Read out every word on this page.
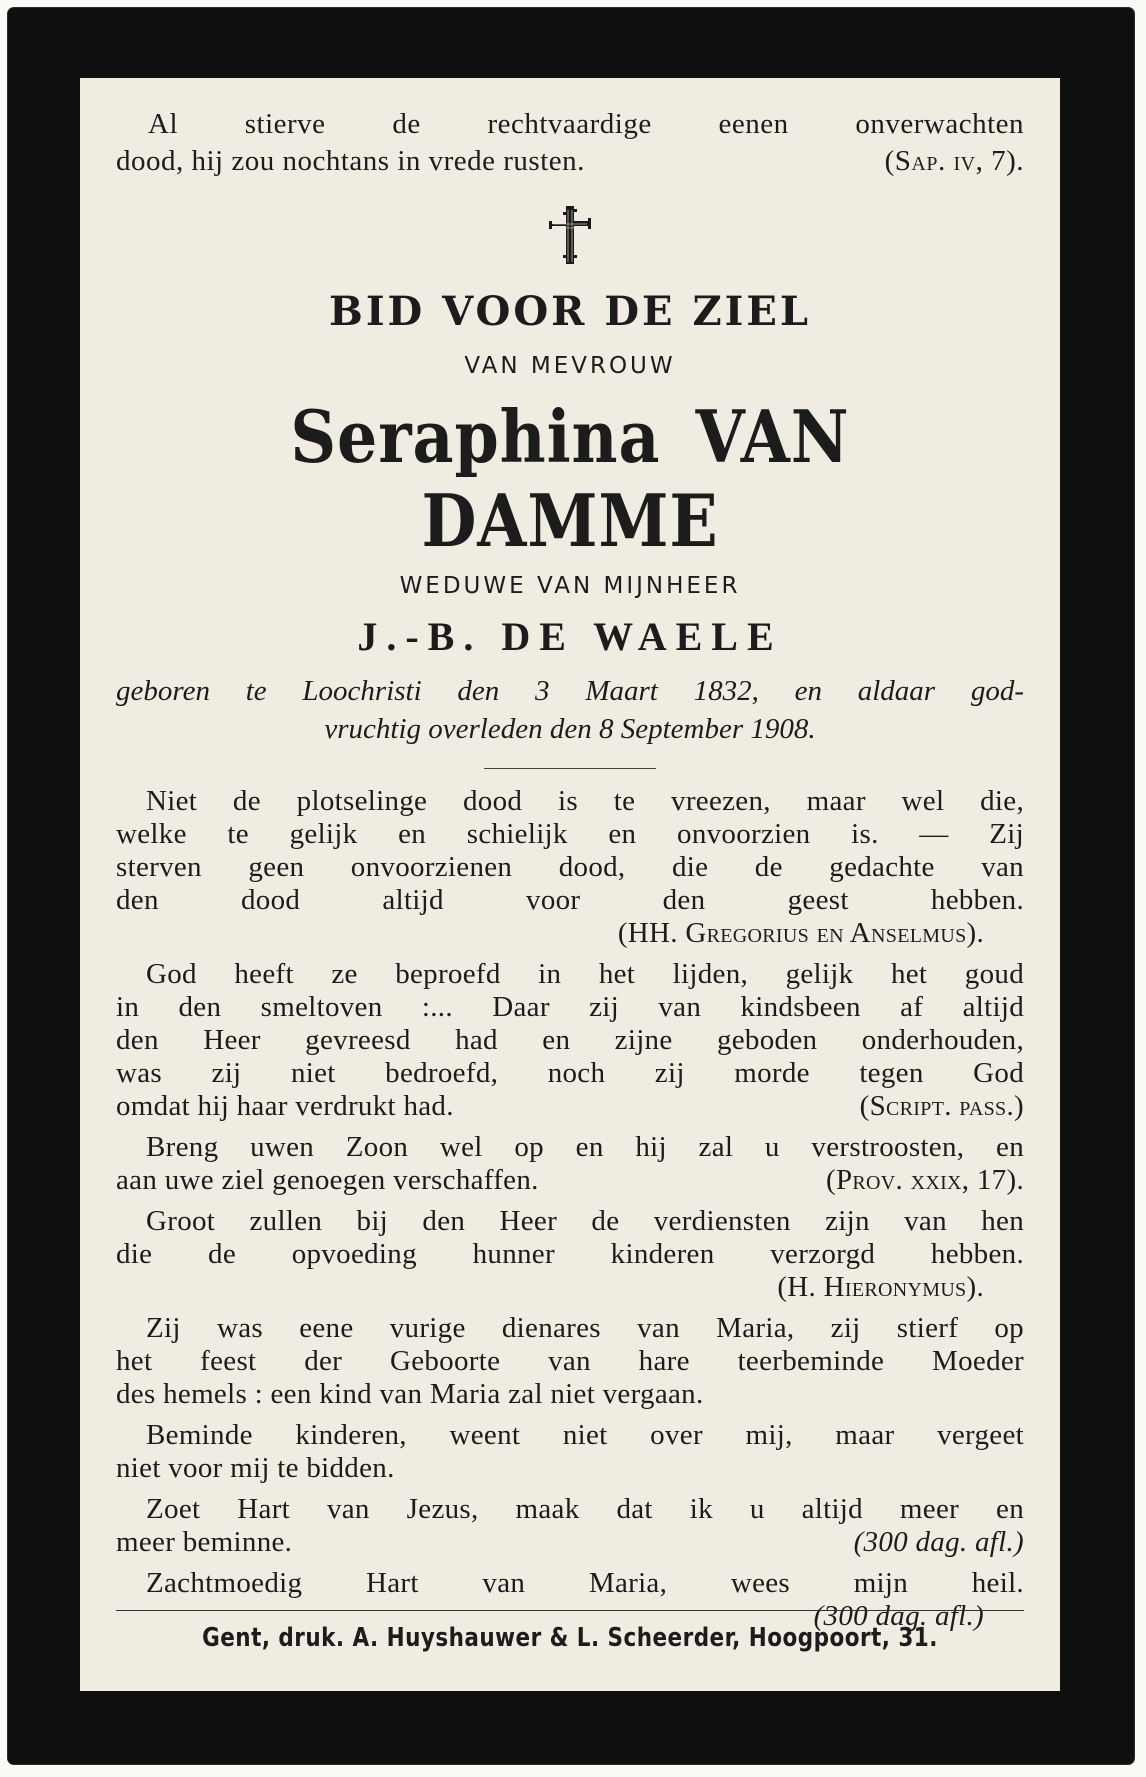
Al stierve de rechtvaardige eenen onverwachten
dood, hij zou nochtans in vrede rusten.	(Sap. iv, 7).
BID VOOR DE ZIEL
VAN MEVROUW
Seraphina VAN DAMME
WEDUWE VAN MIJNHEER
J.-B. DE WAELE
geboren te Loochristi den 3 Maart 1832, en aldaar god-
vruchtig overleden den 8 September 1908.
Niet de plotselinge dood is te vreezen, maar wel die,
welke te gelijk en schielijk en onvoorzien is. — Zij
sterven geen onvoorzienen dood, die de gedachte van
den dood altijd voor den geest hebben.
(HH. Gregorius en Anselmus).
God heeft ze beproefd in het lijden, gelijk het goud
in den smeltoven :... Daar zij van kindsbeen af altijd
den Heer gevreesd had en zijne geboden onderhouden,
was zij niet bedroefd, noch zij morde tegen God
omdat hij haar verdrukt had.	(Script. pass.)
Breng uwen Zoon wel op en hij zal u verstroosten, en
aan uwe ziel genoegen verschaffen.	(Prov. xxix, 17).
Groot zullen bij den Heer de verdiensten zijn van hen
die de opvoeding hunner kinderen verzorgd hebben.
(H. Hieronymus).
Zij was eene vurige dienares van Maria, zij stierf op
het feest der Geboorte van hare teerbeminde Moeder
des hemels : een kind van Maria zal niet vergaan.
Beminde kinderen, weent niet over mij, maar vergeet
niet voor mij te bidden.
Zoet Hart van Jezus, maak dat ik u altijd meer en
meer beminne.	(300 dag. afl.)
Zachtmoedig Hart van Maria, wees mijn heil.
(300 dag. afl.)
Gent, druk. A. Huyshauwer & L. Scheerder, Hoogpoort, 31.
